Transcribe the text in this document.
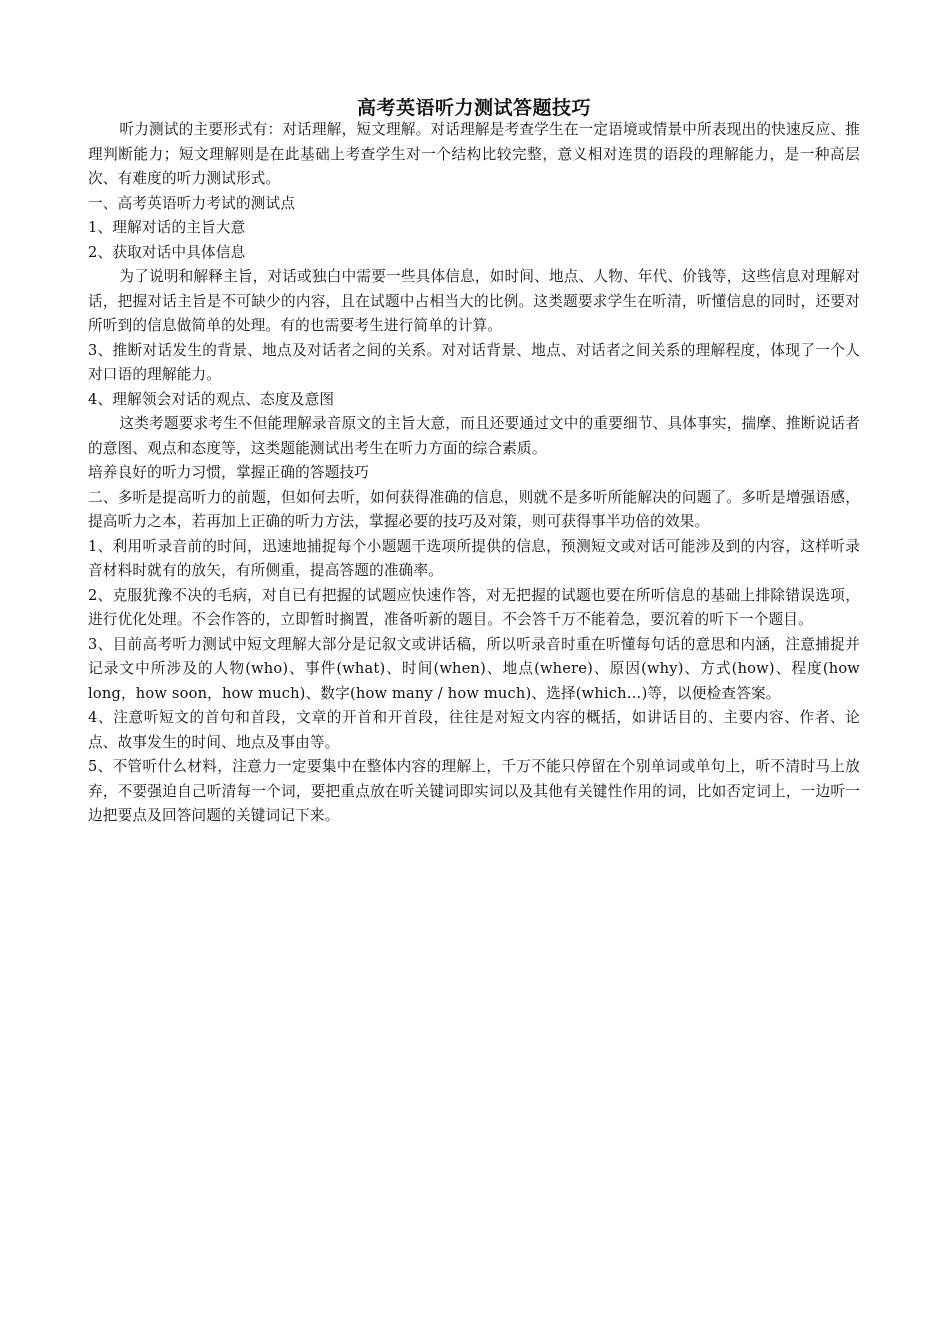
高考英语听力测试答题技巧

听力测试的主要形式有：对话理解，短文理解。对话理解是考查学生在一定语境或情景中所表现出的快速反应、推理判断能力；短文理解则是在此基础上考查学生对一个结构比较完整，意义相对连贯的语段的理解能力，是一种高层次、有难度的听力测试形式。

一、高考英语听力考试的测试点

1、理解对话的主旨大意

2、获取对话中具体信息

为了说明和解释主旨，对话或独白中需要一些具体信息，如时间、地点、人物、年代、价钱等，这些信息对理解对话，把握对话主旨是不可缺少的内容，且在试题中占相当大的比例。这类题要求学生在听清，听懂信息的同时，还要对所听到的信息做简单的处理。有的也需要考生进行简单的计算。

3、推断对话发生的背景、地点及对话者之间的关系。对对话背景、地点、对话者之间关系的理解程度，体现了一个人对口语的理解能力。

4、理解领会对话的观点、态度及意图

这类考题要求考生不但能理解录音原文的主旨大意，而且还要通过文中的重要细节、具体事实，揣摩、推断说话者的意图、观点和态度等，这类题能测试出考生在听力方面的综合素质。

培养良好的听力习惯，掌握正确的答题技巧

二、多听是提高听力的前题，但如何去听，如何获得准确的信息，则就不是多听所能解决的问题了。多听是增强语感，提高听力之本，若再加上正确的听力方法，掌握必要的技巧及对策，则可获得事半功倍的效果。

1、利用听录音前的时间，迅速地捕捉每个小题题干选项所提供的信息，预测短文或对话可能涉及到的内容，这样听录音材料时就有的放矢，有所侧重，提高答题的准确率。

2、克服犹豫不决的毛病，对自已有把握的试题应快速作答，对无把握的试题也要在所听信息的基础上排除错误选项，进行优化处理。不会作答的，立即暂时搁置，准备听新的题目。不会答千万不能着急，要沉着的听下一个题目。

3、目前高考听力测试中短文理解大部分是记叙文或讲话稿，所以听录音时重在听懂每句话的意思和内涵，注意捕捉并记录文中所涉及的人物(who)、事件(what)、时间(when)、地点(where)、原因(why)、方式(how)、程度(how long，how soon，how much)、数字(how many / how much)、选择(which…)等，以便检查答案。

4、注意听短文的首句和首段，文章的开首和开首段，往往是对短文内容的概括，如讲话目的、主要内容、作者、论点、故事发生的时间、地点及事由等。

5、不管听什么材料，注意力一定要集中在整体内容的理解上，千万不能只停留在个别单词或单句上，听不清时马上放弃，不要强迫自己听清每一个词，要把重点放在听关键词即实词以及其他有关键性作用的词，比如否定词上，一边听一边把要点及回答问题的关键词记下来。
